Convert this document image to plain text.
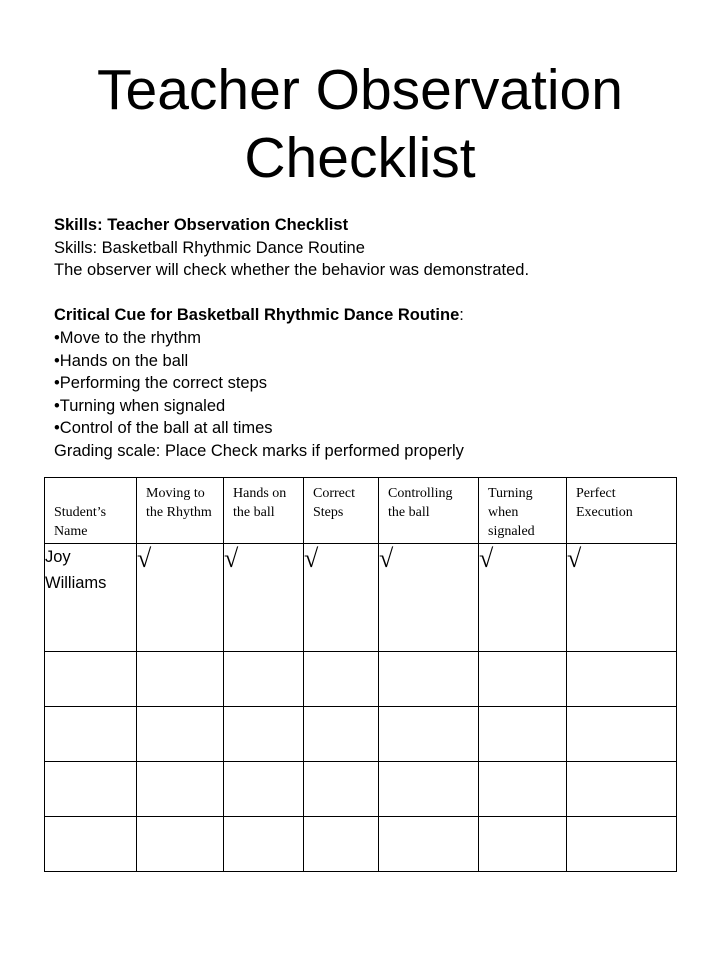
Teacher Observation Checklist
Skills: Teacher Observation Checklist
Skills: Basketball Rhythmic Dance Routine
The observer will check whether the behavior was demonstrated.
Critical Cue for Basketball Rhythmic Dance Routine:
• Move to the rhythm
• Hands on the ball
• Performing the correct steps
• Turning when signaled
• Control of the ball at all times
Grading scale: Place Check marks if performed properly
Student’s Name	Moving to the Rhythm	Hands on the ball	Correct Steps	Controlling the ball	Turning when signaled	Perfect Execution
Joy
Williams	√	√	√	√	√	√
